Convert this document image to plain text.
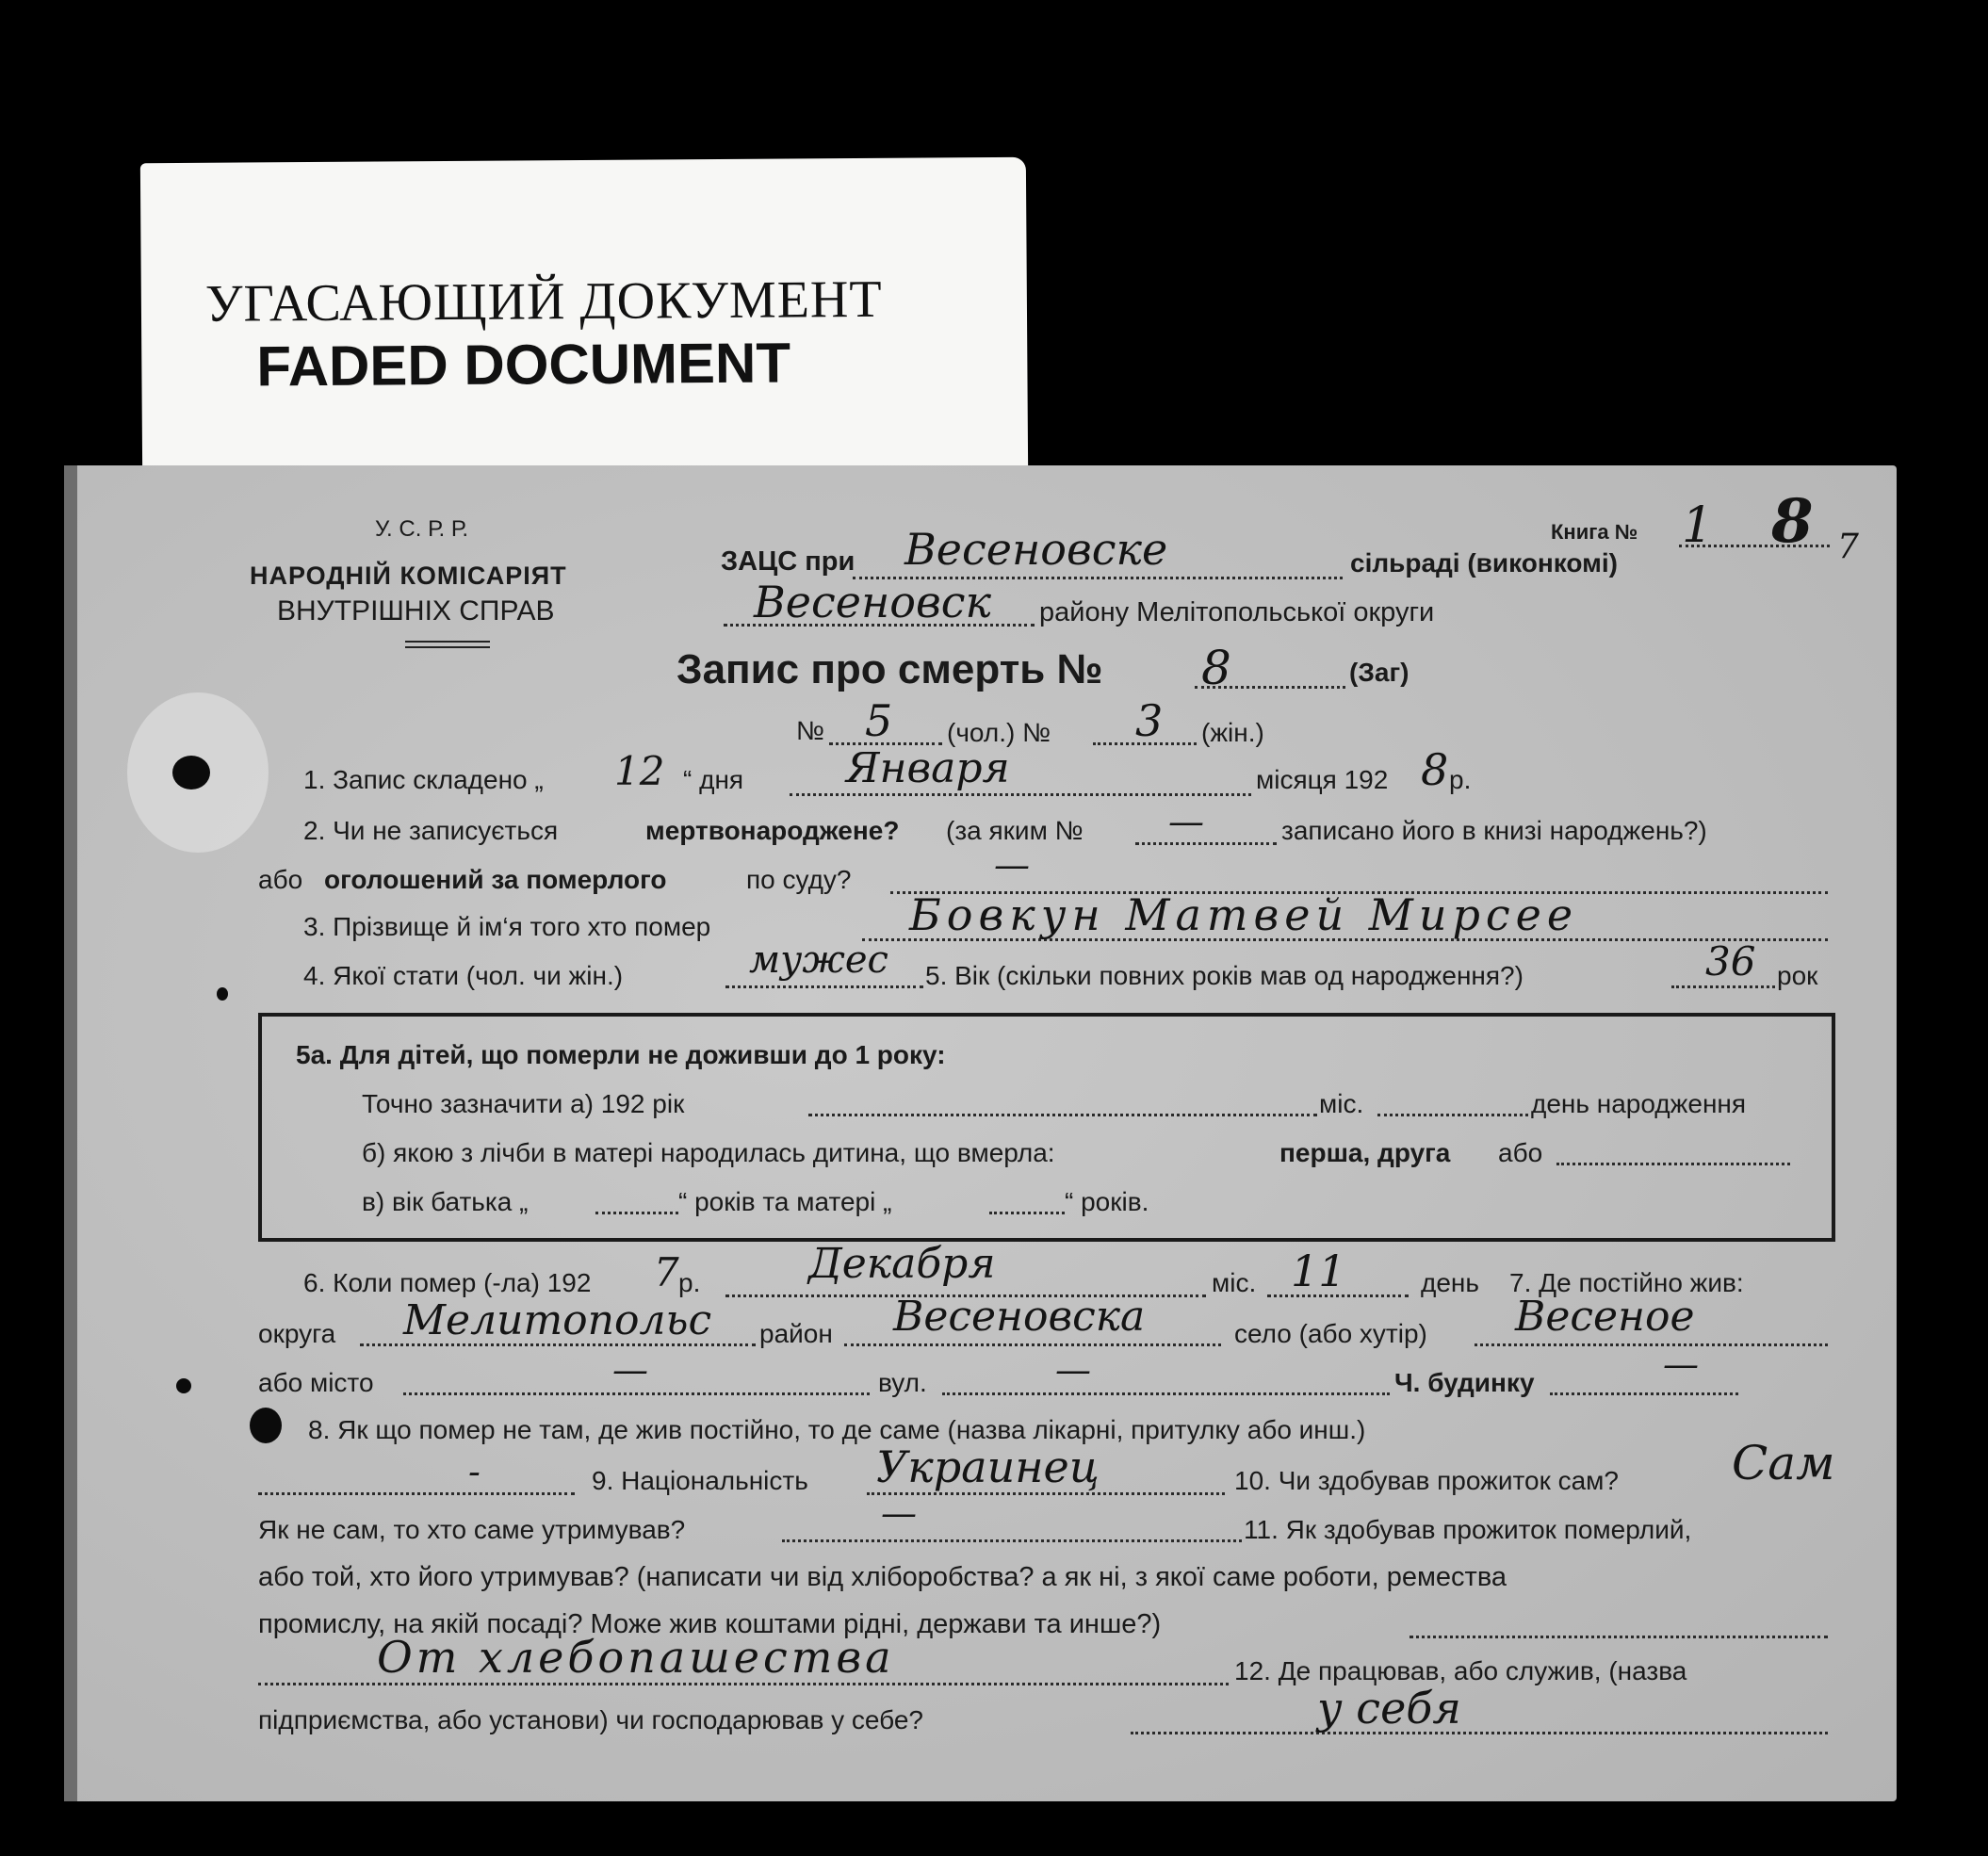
УГАСАЮЩИЙ ДОКУМЕНТ
FADED DOCUMENT
У. С. Р. Р.
НАРОДНІЙ КОМІСАРІЯТ
ВНУТРІШНІХ СПРАВ
Книга № 1 8 7
ЗАЦС при Весеновске	сільраді (виконкомі)
Весеновск району Мелітопольської округи
Запис про смерть № 8	(Заг)
№ 5 (чол.) № 3 (жін.)
1. Запис складено „ 12 “ дня Января	місяця 192 8 р.
2. Чи не записується	мертвонароджене? (за яким № —	записано його в книзі народжень?)
або оголошений за померлого	по суду?	—
3. Прізвище й ім‘я того хто помер	Бовкун Матвей Мирсее
4. Якої стати (чол. чи жін.)	мужес 5. Вік (скільки повних років мав од народження?)	36 рок
5а. Для дітей, що померли не доживши до 1 року:
Точно зазначити а) 192 рік	міс.	день народження
б) якою з лічби в матері народилась дитина, що вмерла:	перша, друга або
в) вік батька „	“ років та матері „	“ років.
6. Коли помер (-ла) 192 7 р.	Декабря	міс. 11	день 7. Де постійно жив:
округа Мелитопольс район Весеновска	село (або хутір) Весеное
або місто	—	вул.	—	Ч. будинку	—
8. Як що помер не там, де жив постійно, то де саме (назва лікарні, притулку або инш.)
-	9. Національність Украинец	10. Чи здобував прожиток сам? Сам
Як не сам, то хто саме утримував?	—	11. Як здобував прожиток померлий,
або той, хто його утримував? (написати чи від хліборобства? а як ні, з якої саме роботи, ремества
промислу, на якій посаді? Може жив коштами рідні, держави та инше?)
От хлебопашества	12. Де працював, або служив, (назва
підприємства, або установи) чи господарював у себе?	у себя
